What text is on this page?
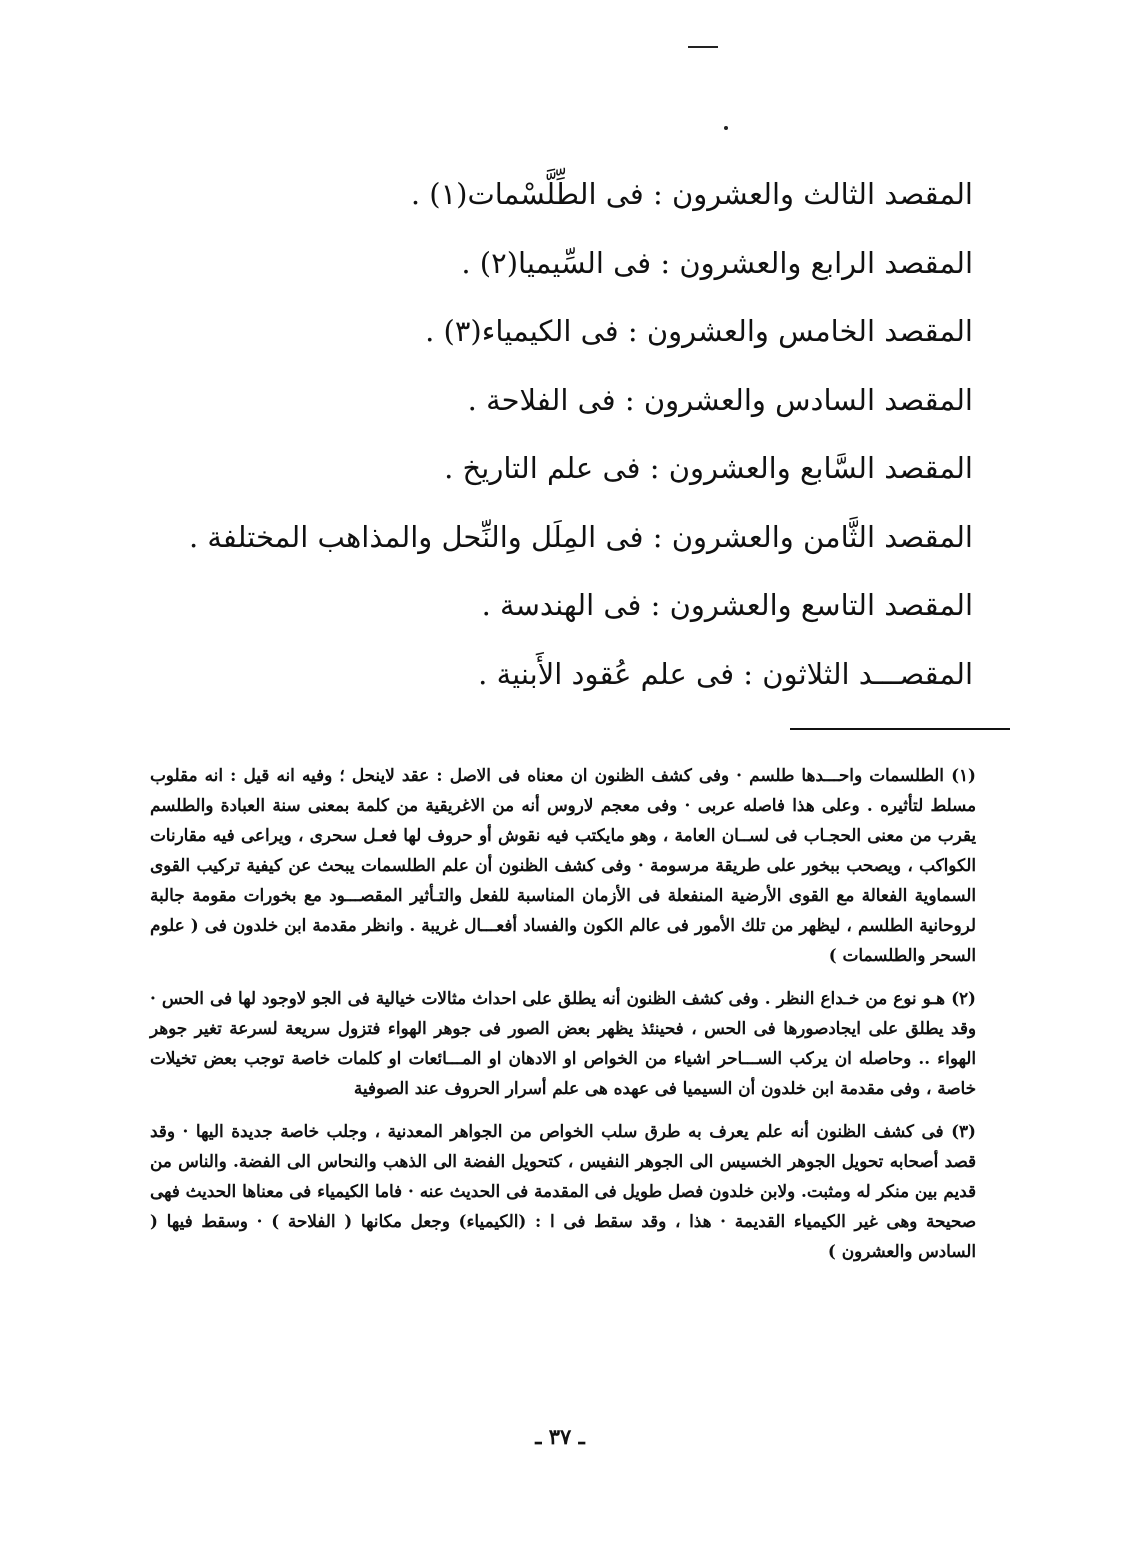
المقصد الثالث والعشرون : فى الطِّلَّسْمات(١) .
المقصد الرابع والعشرون : فى السِّيميا(٢) .
المقصد الخامس والعشرون : فى الكيمياء(٣) .
المقصد السادس والعشرون : فى الفلاحة .
المقصد السَّابع والعشرون : فى علم التاريخ .
المقصد الثَّامن والعشرون : فى المِلَل والنِّحل والمذاهب المختلفة .
المقصد التاسع والعشرون : فى الهندسة .
المقصـــد الثلاثون : فى علم عُقود الأَبنية .

(١) الطلسمات واحـــدها طلسم · وفى كشف الظنون ان معناه فى الاصل : عقد لاينحل ؛ وفيه انه قيل : انه مقلوب مسلط لتأثيره . وعلى هذا فاصله عربى · وفى معجم لاروس أنه من الاغريقية من كلمة بمعنى سنة العبادة والطلسم يقرب من معنى الحجـاب فى لســان العامة ، وهو مايكتب فيه نقوش أو حروف لها فعـل سحرى ، ويراعى فيه مقارنات الكواكب ، ويصحب ببخور على طريقة مرسومة · وفى كشف الظنون أن علم الطلسمات يبحث عن كيفية تركيب القوى السماوية الفعالة مع القوى الأرضية المنفعلة فى الأزمان المناسبة للفعل والتـأثير المقصـــود مع بخورات مقومة جالبة لروحانية الطلسم ، ليظهر من تلك الأمور فى عالم الكون والفساد أفعـــال غريبة . وانظر مقدمة ابن خلدون فى ( علوم السحر والطلسمات )

(٢) هـو نوع من خـداع النظر . وفى كشف الظنون أنه يطلق على احداث مثالات خيالية فى الجو لاوجود لها فى الحس · وقد يطلق على ايجادصورها فى الحس ، فحينئذ يظهر بعض الصور فى جوهر الهواء فتزول سريعة لسرعة تغير جوهر الهواء .. وحاصله ان يركب الســـاحر اشياء من الخواص او الادهان او المـــائعات او كلمات خاصة توجب بعض تخيلات خاصة ، وفى مقدمة ابن خلدون أن السيميا فى عهده هى علم أسرار الحروف عند الصوفية

(٣) فى كشف الظنون أنه علم يعرف به طرق سلب الخواص من الجواهر المعدنية ، وجلب خاصة جديدة اليها · وقد قصد أصحابه تحويل الجوهر الخسيس الى الجوهر النفيس ، كتحويل الفضة الى الذهب والنحاس الى الفضة. والناس من قديم بين منكر له ومثبت. ولابن خلدون فصل طويل فى المقدمة فى الحديث عنه · فاما الكيمياء فى معناها الحديث فهى صحيحة وهى غير الكيمياء القديمة · هذا ، وقد سقط فى ا : (الكيمياء) وجعل مكانها ( الفلاحة ) · وسقط فيها ( السادس والعشرون )

ـ ٣٧ ـ
